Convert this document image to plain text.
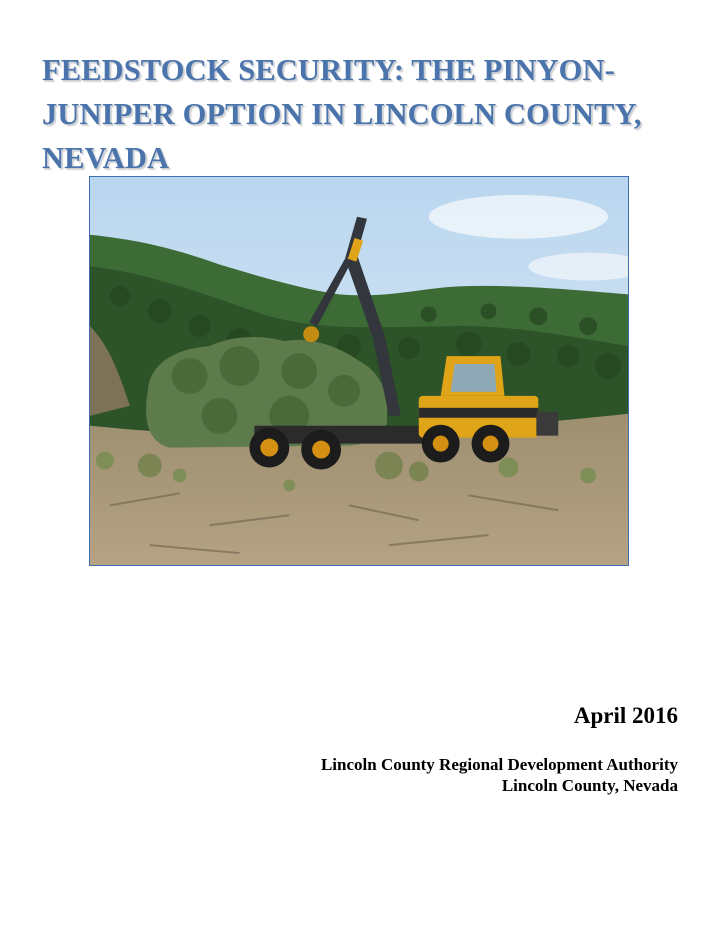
FEEDSTOCK SECURITY: THE PINYON-JUNIPER OPTION IN LINCOLN COUNTY, NEVADA

April 2016

Lincoln County Regional Development Authority
Lincoln County, Nevada
